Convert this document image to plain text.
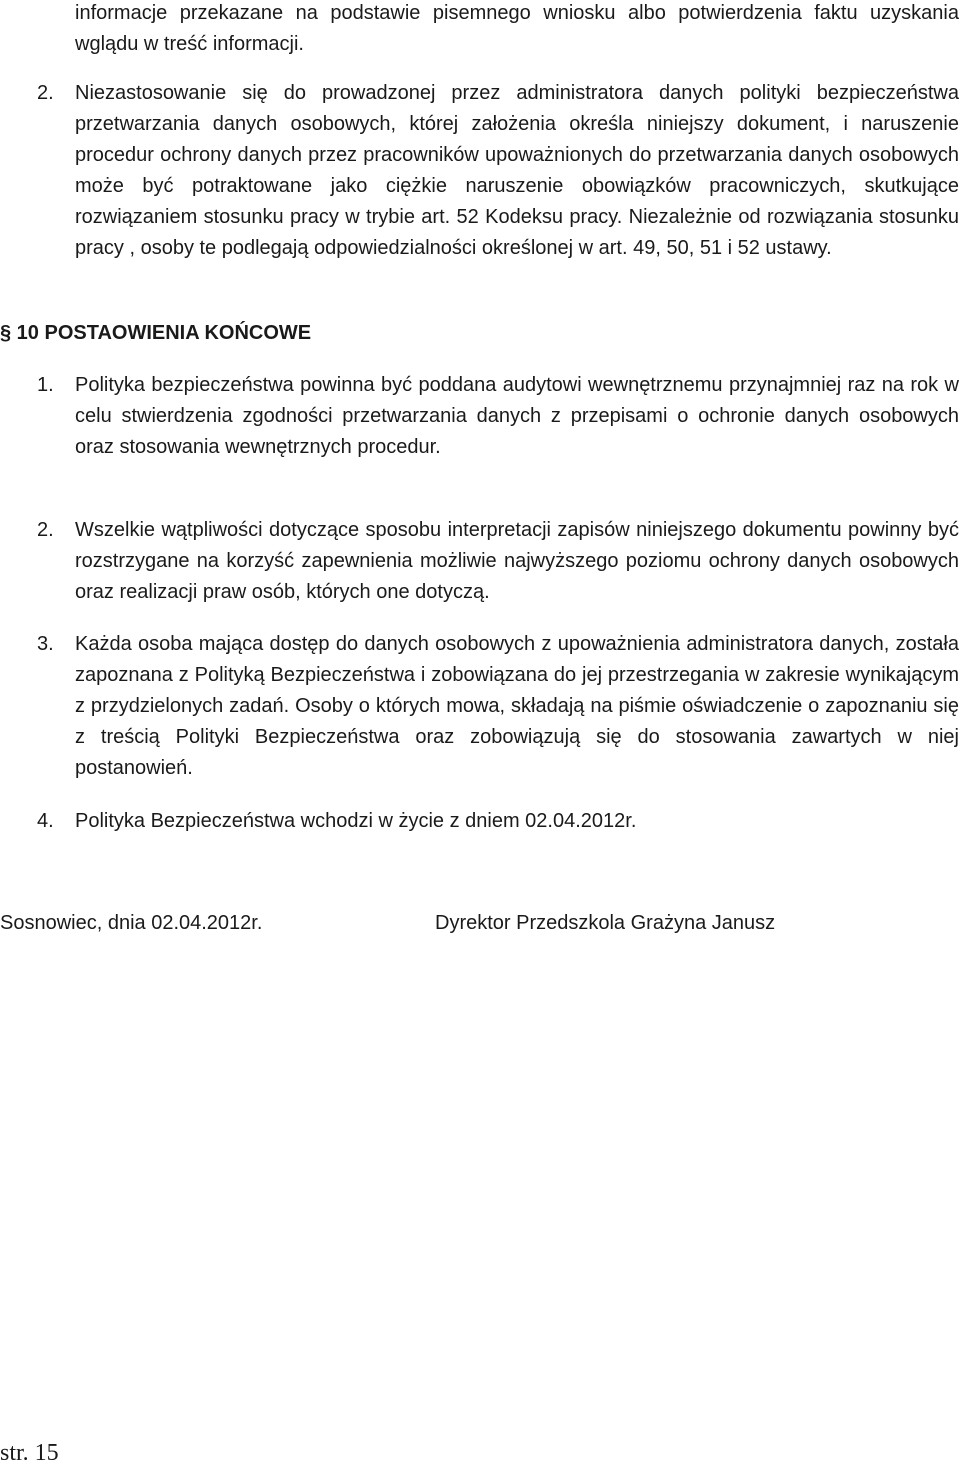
informacje przekazane na podstawie pisemnego wniosku albo potwierdzenia faktu uzyskania wglądu w treść informacji.

2. Niezastosowanie się do prowadzonej przez administratora danych polityki bezpieczeństwa przetwarzania danych osobowych, której założenia określa niniejszy dokument, i naruszenie procedur ochrony danych przez pracowników upoważnionych do przetwarzania danych osobowych może być potraktowane jako ciężkie naruszenie obowiązków pracowniczych, skutkujące rozwiązaniem stosunku pracy w trybie art. 52 Kodeksu pracy. Niezależnie od rozwiązania stosunku pracy , osoby te podlegają odpowiedzialności określonej w art. 49, 50, 51 i 52 ustawy.

§ 10 POSTAOWIENIA KOŃCOWE
1. Polityka bezpieczeństwa powinna być poddana audytowi wewnętrznemu przynajmniej raz na rok w celu stwierdzenia zgodności przetwarzania danych z przepisami o ochronie danych osobowych oraz stosowania wewnętrznych procedur.

2. Wszelkie wątpliwości dotyczące sposobu interpretacji zapisów niniejszego dokumentu powinny być rozstrzygane na korzyść zapewnienia możliwie najwyższego poziomu ochrony danych osobowych oraz realizacji praw osób, których one dotyczą.

3. Każda osoba mająca dostęp do danych osobowych z upoważnienia administratora danych, została zapoznana z Polityką Bezpieczeństwa i zobowiązana do jej przestrzegania w zakresie wynikającym z przydzielonych zadań. Osoby o których mowa, składają na piśmie oświadczenie o zapoznaniu się z treścią Polityki Bezpieczeństwa oraz zobowiązują się do stosowania zawartych w niej postanowień.

4. Polityka Bezpieczeństwa wchodzi w życie z dniem 02.04.2012r.

Sosnowiec, dnia 02.04.2012r.	Dyrektor Przedszkola Grażyna Janusz
str. 15
